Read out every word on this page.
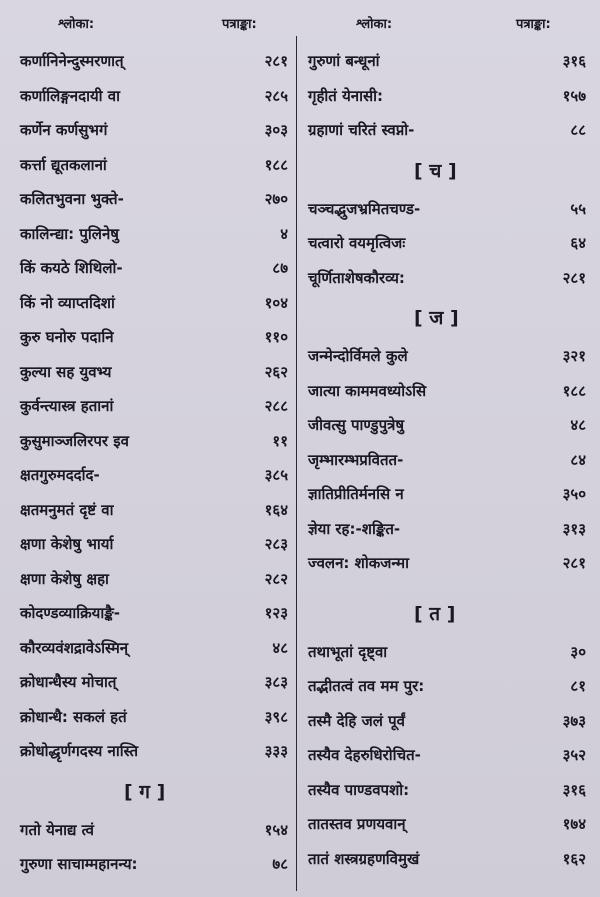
श्लोका:	पत्राङ्का:	श्लोका:	पत्राङ्का:
कर्णानिनेन्दुस्मरणात्	२८१
कर्णालिङ्गनदायी वा	२८५
कर्णेन कर्णसुभगं	३०३
कर्त्ता द्यूतकलानां	१८८
कलितभुवना भुक्ते-	२७०
कालिन्द्या: पुलिनेषु	४
किं कयठे शिथिलो-	८७
किं नो व्याप्तदिशां	१०४
कुरु घनोरु पदानि	११०
कुल्या सह युवभ्य	२६२
कुर्वन्त्यास्त्र हतानां	२८८
कुसुमाञ्जलिरपर इव	११
क्षतगुरुमदर्दाद-	३८५
क्षतमनुमतं दृष्टं वा	१६४
क्षणा केशेषु भार्या	२८३
क्षणा केशेषु क्षहा	२८२
कोदण्डव्याक्रियाङ्कै-	१२३
कौरव्यवंशद्रावेऽस्मिन्	४८
क्रोधान्धेैस्य मोचात्	३८३
क्रोधान्धै: सकलं हतं	३९८
क्रोधोद्धृर्णगदस्य नास्ति	३३३
[ ग ]
गतो येनाद्य त्वं	१५४
गुरुणा साचाम्महानन्य:	७८
गुरुणां बन्धूनां	३१६
गृहीतं येनासी:	१५७
ग्रहाणां चरितं स्वप्नो-	८८
[ च ]
चञ्चद्भुजभ्रमितचण्ड-	५५
चत्वारो वयमृत्विजः	६४
चूर्णिताशेषकौरव्य:	२८१
[ ज ]
जन्मेन्दोर्विमले कुले	३२१
जात्या काममवध्योऽसि	१८८
जीवत्सु पाण्डुपुत्रेषु	४८
जृम्भारम्भप्रवितत-	८४
ज्ञातिप्रीतिर्मनसि न	३५०
ज्ञेया रह:-शङ्कित-	३१३
ज्वलन: शोकजन्मा	२८१
[ त ]
तथाभूतां दृष्ट्वा	३०
तद्भीतत्वं तव मम पुर:	८१
तस्मै देहि जलं पूर्वं	३७३
तस्यैव देहरुधिरोचित-	३५२
तस्यैव पाण्डवपशो:	३१६
तातस्तव प्रणयवान्	१७४
तातं शस्त्रग्रहणविमुखं	१६२
